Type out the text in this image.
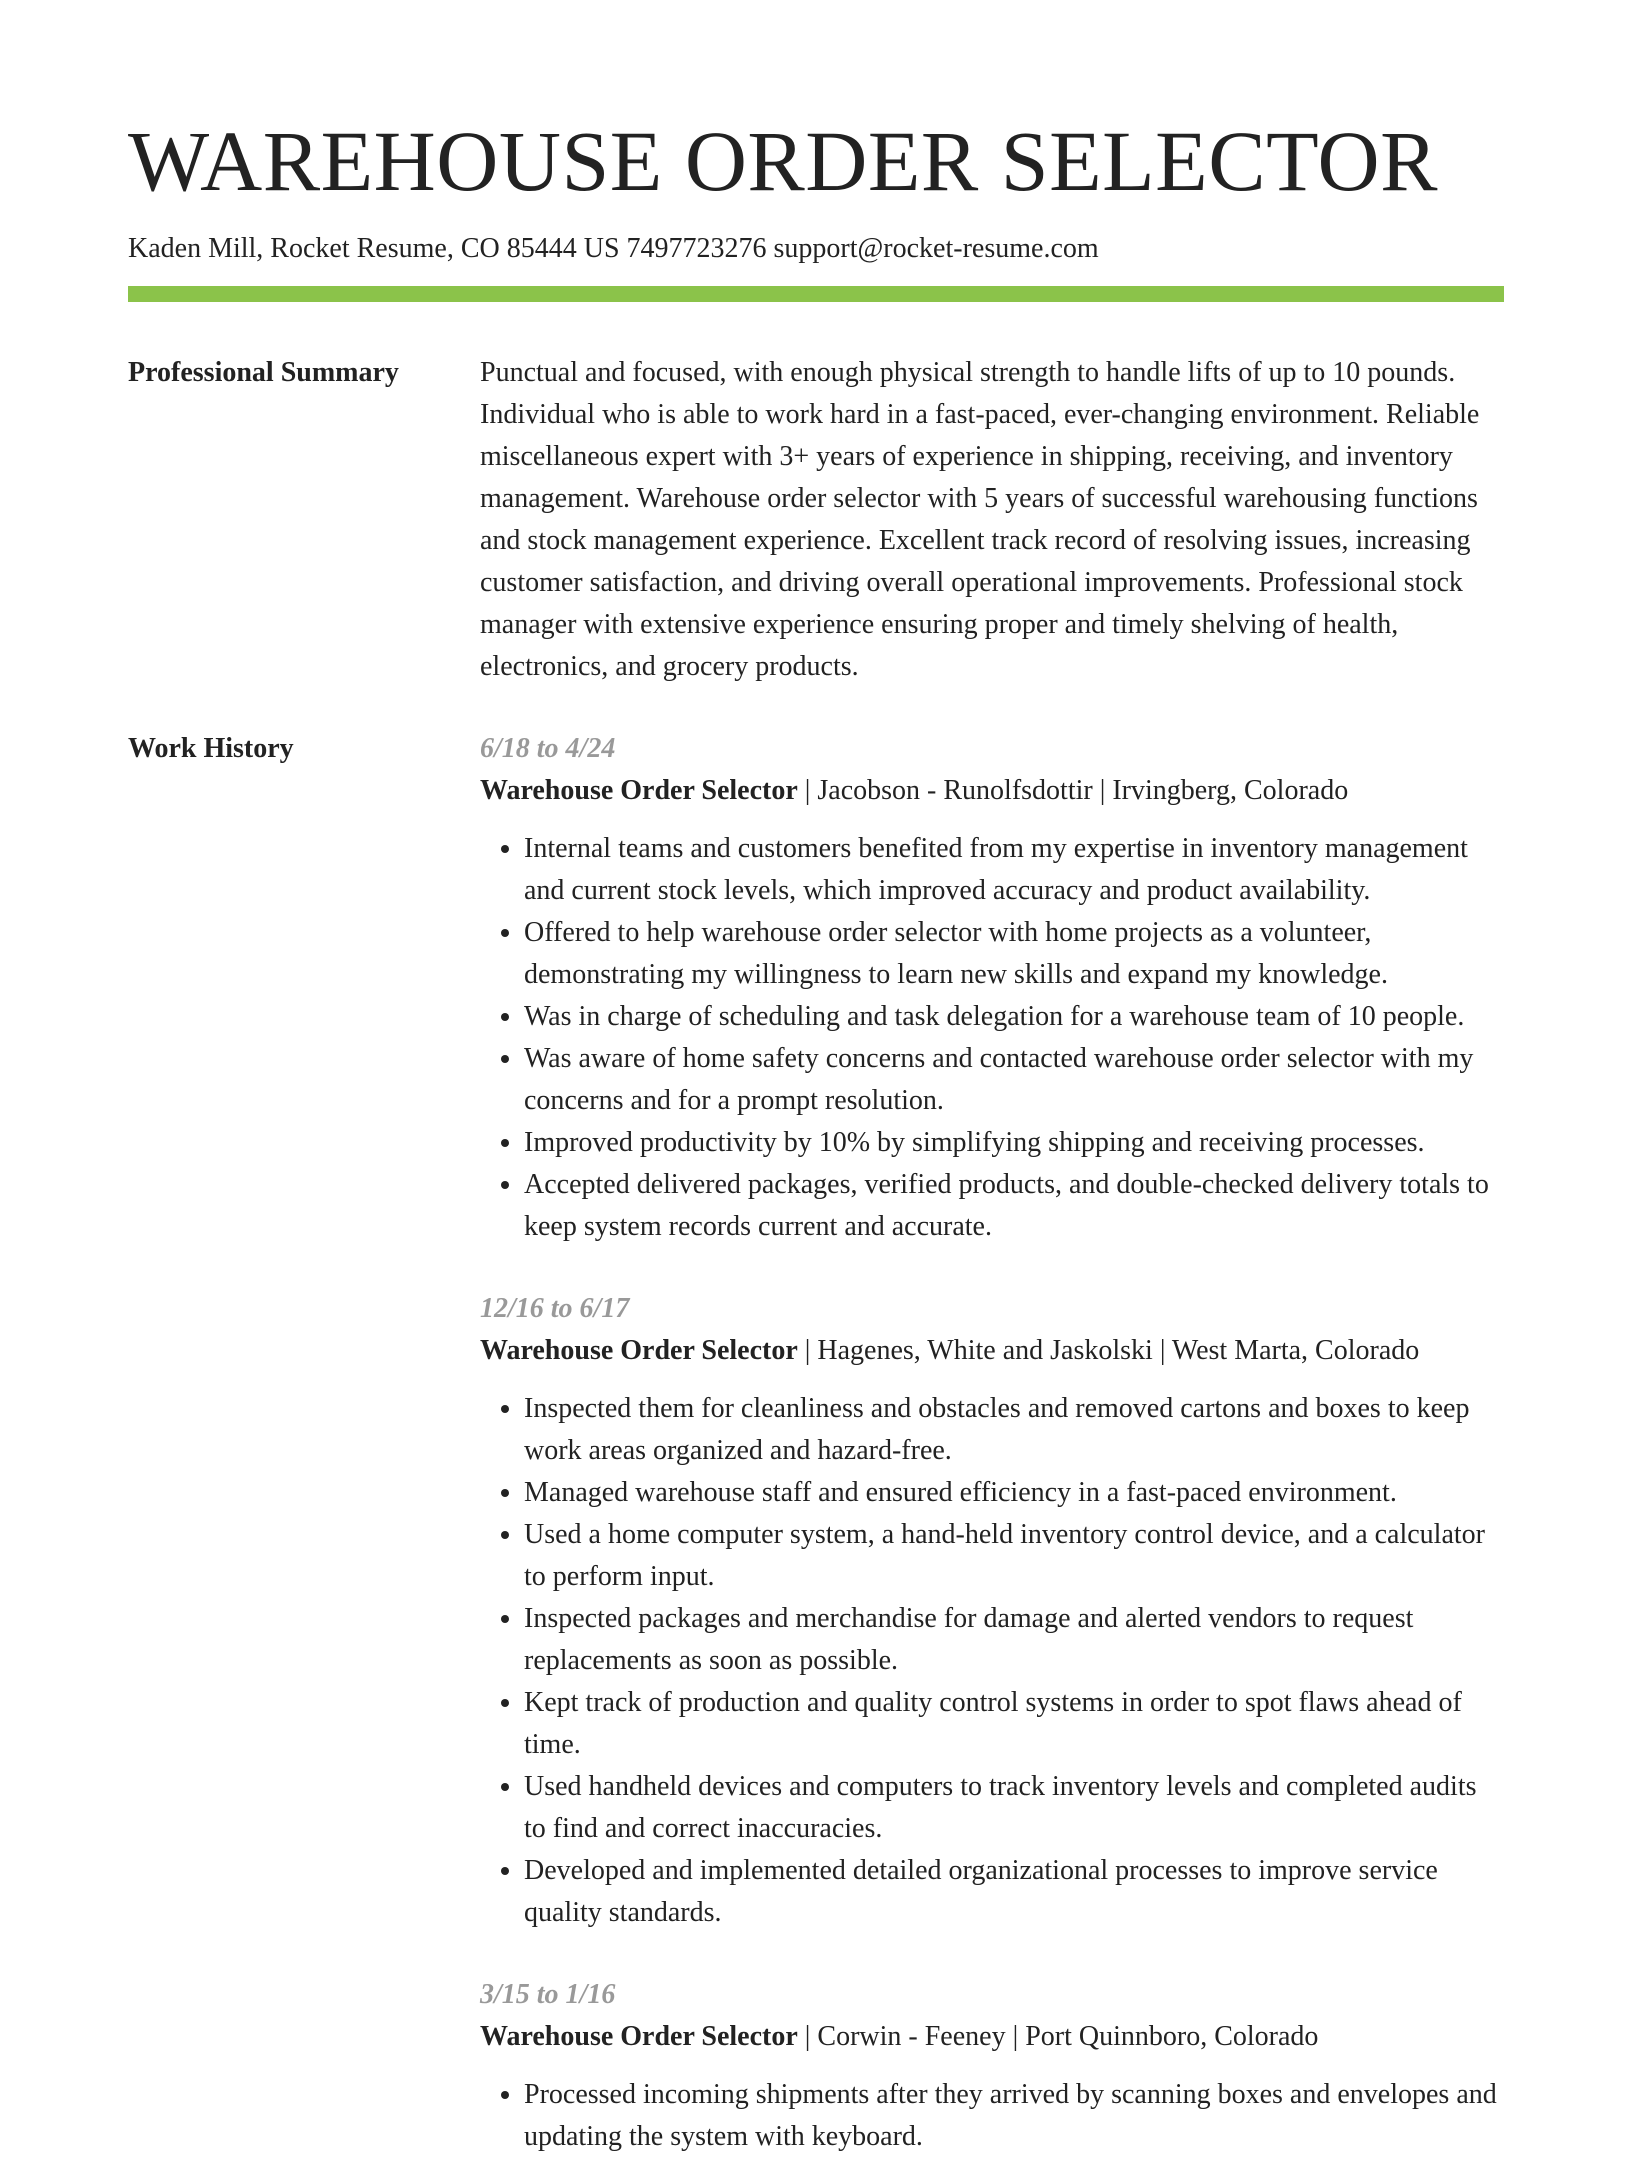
WAREHOUSE ORDER SELECTOR
Kaden Mill, Rocket Resume, CO 85444 US 7497723276 support@rocket-resume.com
Professional Summary	Punctual and focused, with enough physical strength to handle lifts of up to 10 pounds. Individual who is able to work hard in a fast-paced, ever-changing environment. Reliable miscellaneous expert with 3+ years of experience in shipping, receiving, and inventory management. Warehouse order selector with 5 years of successful warehousing functions and stock management experience. Excellent track record of resolving issues, increasing customer satisfaction, and driving overall operational improvements. Professional stock manager with extensive experience ensuring proper and timely shelving of health, electronics, and grocery products.

Work History	6/18 to 4/24
Warehouse Order Selector | Jacobson - Runolfsdottir | Irvingberg, Colorado
• Internal teams and customers benefited from my expertise in inventory management and current stock levels, which improved accuracy and product availability.
• Offered to help warehouse order selector with home projects as a volunteer, demonstrating my willingness to learn new skills and expand my knowledge.
• Was in charge of scheduling and task delegation for a warehouse team of 10 people.
• Was aware of home safety concerns and contacted warehouse order selector with my concerns and for a prompt resolution.
• Improved productivity by 10% by simplifying shipping and receiving processes.
• Accepted delivered packages, verified products, and double-checked delivery totals to keep system records current and accurate.
12/16 to 6/17
Warehouse Order Selector | Hagenes, White and Jaskolski | West Marta, Colorado
• Inspected them for cleanliness and obstacles and removed cartons and boxes to keep work areas organized and hazard-free.
• Managed warehouse staff and ensured efficiency in a fast-paced environment.
• Used a home computer system, a hand-held inventory control device, and a calculator to perform input.
• Inspected packages and merchandise for damage and alerted vendors to request replacements as soon as possible.
• Kept track of production and quality control systems in order to spot flaws ahead of time.
• Used handheld devices and computers to track inventory levels and completed audits to find and correct inaccuracies.
• Developed and implemented detailed organizational processes to improve service quality standards.
3/15 to 1/16
Warehouse Order Selector | Corwin - Feeney | Port Quinnboro, Colorado
• Processed incoming shipments after they arrived by scanning boxes and envelopes and updating the system with keyboard.
